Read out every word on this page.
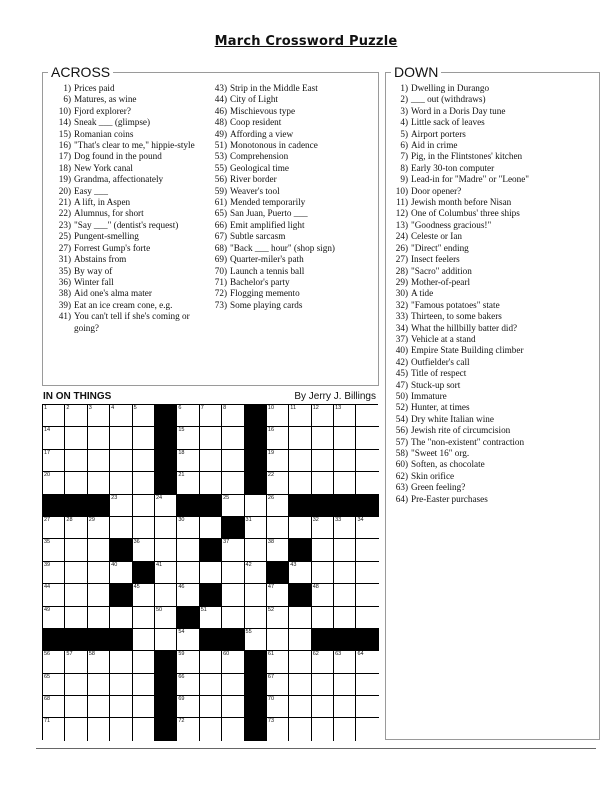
March Crossword Puzzle
ACROSS
1) Prices paid
6) Matures, as wine
10) Fjord explorer?
14) Sneak ___ (glimpse)
15) Romanian coins
16) "That's clear to me," hippie-style
17) Dog found in the pound
18) New York canal
19) Grandma, affectionately
20) Easy ___
21) A lift, in Aspen
22) Alumnus, for short
23) "Say ___" (dentist's request)
25) Pungent-smelling
27) Forrest Gump's forte
31) Abstains from
35) By way of
36) Winter fall
38) Aid one's alma mater
39) Eat an ice cream cone, e.g.
41) You can't tell if she's coming or going?
43) Strip in the Middle East
44) City of Light
46) Mischievous type
48) Coop resident
49) Affording a view
51) Monotonous in cadence
53) Comprehension
55) Geological time
56) River border
59) Weaver's tool
61) Mended temporarily
65) San Juan, Puerto ___
66) Emit amplified light
67) Subtle sarcasm
68) "Back ___ hour" (shop sign)
69) Quarter-miler's path
70) Launch a tennis ball
71) Bachelor's party
72) Flogging memento
73) Some playing cards
DOWN
1) Dwelling in Durango
2) ___ out (withdraws)
3) Word in a Doris Day tune
4) Little sack of leaves
5) Airport porters
6) Aid in crime
7) Pig, in the Flintstones' kitchen
8) Early 30-ton computer
9) Lead-in for "Madre" or "Leone"
10) Door opener?
11) Jewish month before Nisan
12) One of Columbus' three ships
13) "Goodness gracious!"
24) Celeste or Ian
26) "Direct" ending
27) Insect feelers
28) "Sacro" addition
29) Mother-of-pearl
30) A tide
32) "Famous potatoes" state
33) Thirteen, to some bakers
34) What the hillbilly batter did?
37) Vehicle at a stand
40) Empire State Building climber
42) Outfielder's call
45) Title of respect
47) Stuck-up sort
50) Immature
52) Hunter, at times
54) Dry white Italian wine
56) Jewish rite of circumcision
57) The "non-existent" contraction
58) "Sweet 16" org.
60) Soften, as chocolate
62) Skin orifice
63) Green feeling?
64) Pre-Easter purchases
IN ON THINGS	By Jerry J. Billings
1	2	3	4	5	6	7	8	10	11	12	13
14	15	16
17	18	19
20	21	22
23	24	25	26
27	28	29	30	31	32	33	34
35	36	37	38
39	40	41	42	43
44	45	46	47	48
49	50	51	52
54	55
56	57	58	59	60	61	62	63	64
65	66	67
68	69	70
71	72	73
